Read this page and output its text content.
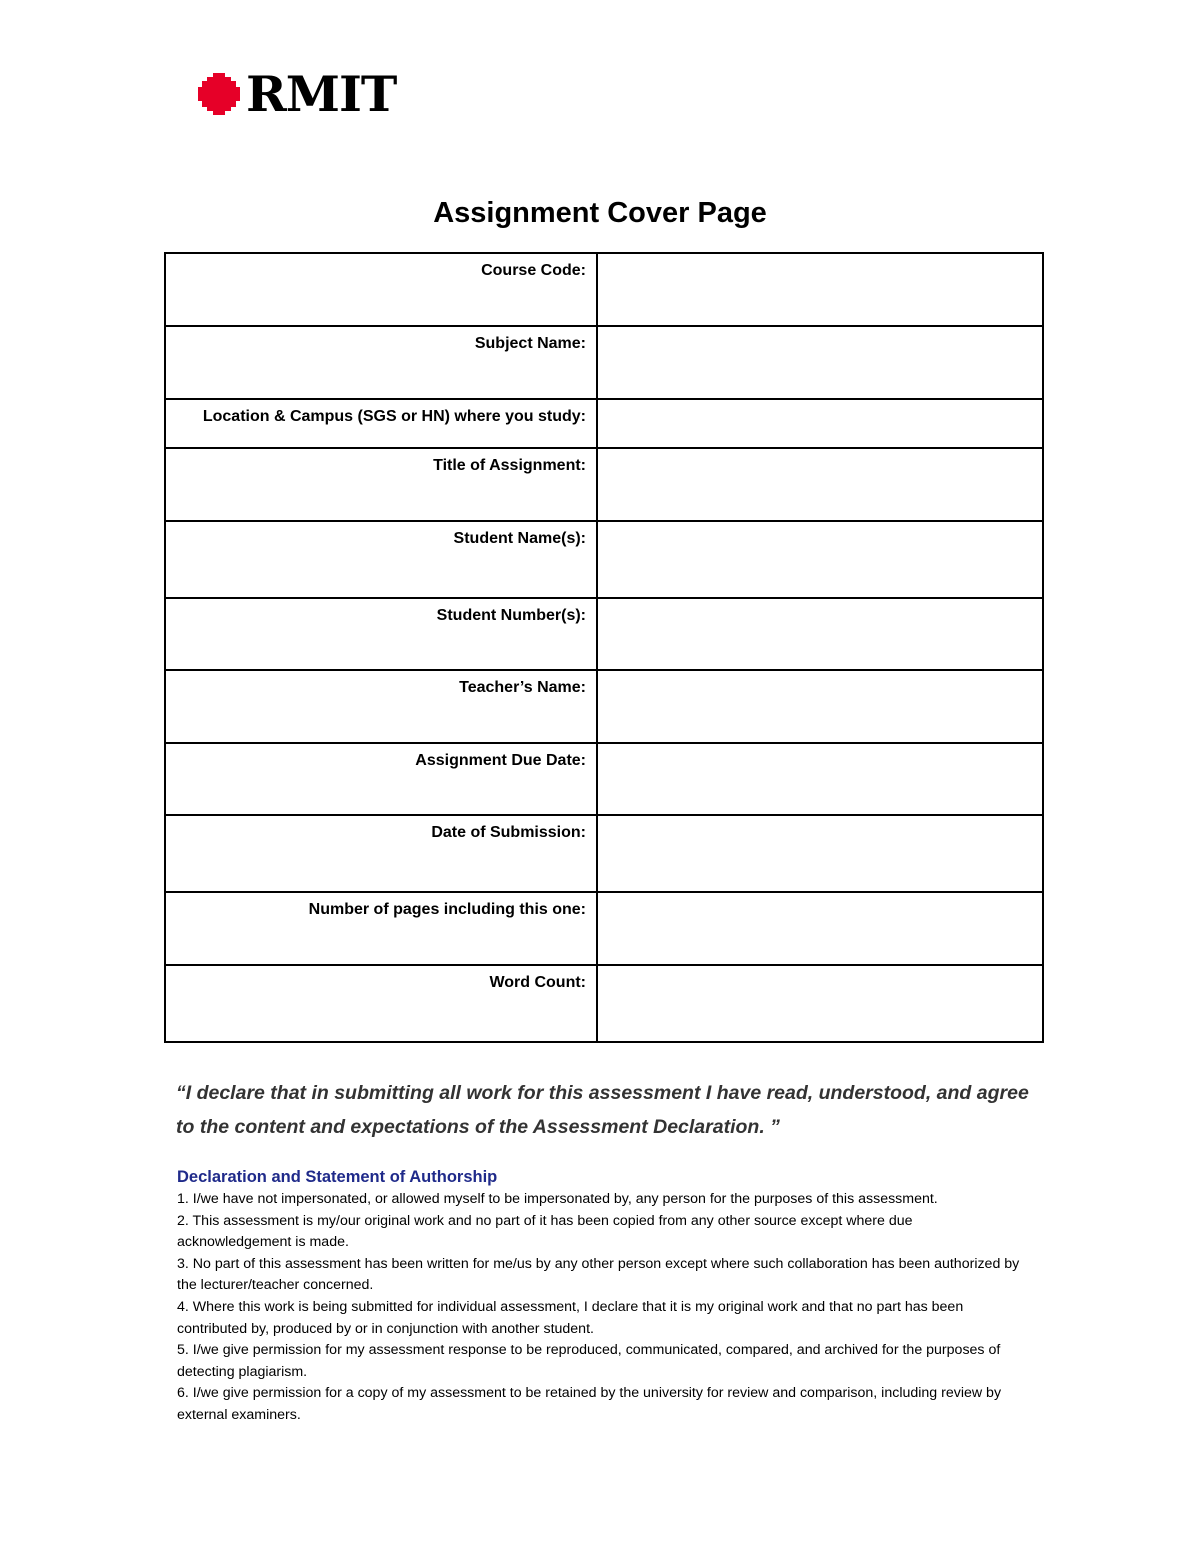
RMIT
Assignment Cover Page
Course Code:	
Subject Name:	
Location & Campus (SGS or HN) where you study:	
Title of Assignment:	
Student Name(s):	
Student Number(s):	
Teacher’s Name:	
Assignment Due Date:	
Date of Submission:	
Number of pages including this one:	
Word Count:	

“I declare that in submitting all work for this assessment I have read, understood, and agree to the content and expectations of the Assessment Declaration. ”

Declaration and Statement of Authorship
1. I/we have not impersonated, or allowed myself to be impersonated by, any person for the purposes of this assessment.
2. This assessment is my/our original work and no part of it has been copied from any other source except where due acknowledgement is made.
3. No part of this assessment has been written for me/us by any other person except where such collaboration has been authorized by the lecturer/teacher concerned.
4. Where this work is being submitted for individual assessment, I declare that it is my original work and that no part has been contributed by, produced by or in conjunction with another student.
5. I/we give permission for my assessment response to be reproduced, communicated, compared, and archived for the purposes of detecting plagiarism.
6. I/we give permission for a copy of my assessment to be retained by the university for review and comparison, including review by external examiners.
